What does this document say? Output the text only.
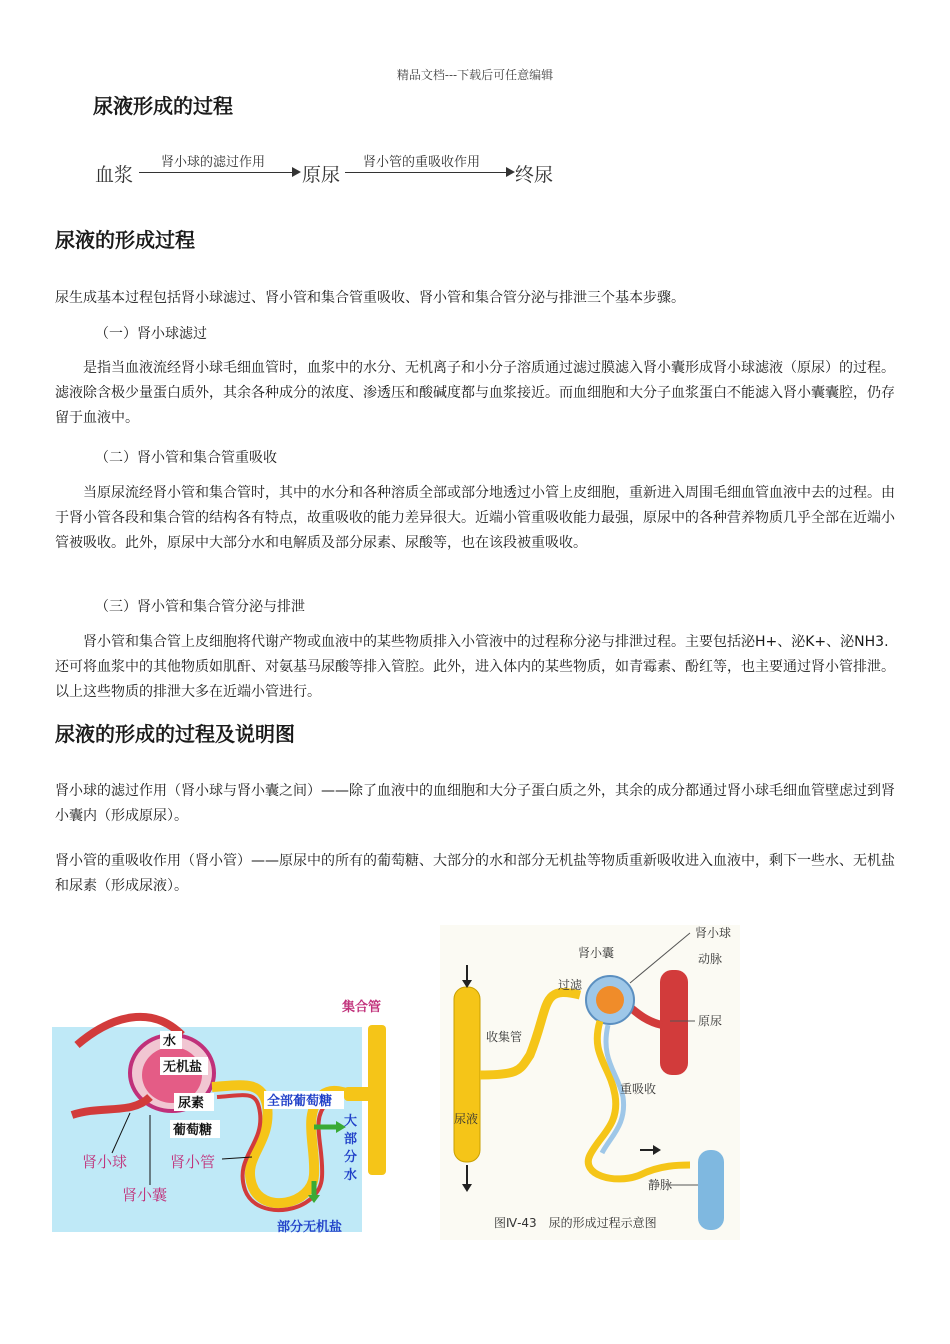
精品文档---下载后可任意编辑
尿液形成的过程
血浆
肾小球的滤过作用
原尿
肾小管的重吸收作用
终尿
尿液的形成过程
尿生成基本过程包括肾小球滤过、肾小管和集合管重吸收、肾小管和集合管分泌与排泄三个基本步骤。
（一）肾小球滤过
是指当血液流经肾小球毛细血管时，血浆中的水分、无机离子和小分子溶质通过滤过膜滤入肾小囊形成肾小球滤液（原尿）的过程。滤液除含极少量蛋白质外，其余各种成分的浓度、渗透压和酸碱度都与血浆接近。而血细胞和大分子血浆蛋白不能滤入肾小囊囊腔，仍存留于血液中。
（二）肾小管和集合管重吸收
当原尿流经肾小管和集合管时，其中的水分和各种溶质全部或部分地透过小管上皮细胞，重新进入周围毛细血管血液中去的过程。由于肾小管各段和集合管的结构各有特点，故重吸收的能力差异很大。近端小管重吸收能力最强，原尿中的各种营养物质几乎全部在近端小管被吸收。此外，原尿中大部分水和电解质及部分尿素、尿酸等，也在该段被重吸收。
（三）肾小管和集合管分泌与排泄
肾小管和集合管上皮细胞将代谢产物或血液中的某些物质排入小管液中的过程称分泌与排泄过程。主要包括泌H+、泌K+、泌NH3.还可将血浆中的其他物质如肌酐、对氨基马尿酸等排入管腔。此外，进入体内的某些物质，如青霉素、酚红等，也主要通过肾小管排泄。以上这些物质的排泄大多在近端小管进行。
尿液的形成的过程及说明图
肾小球的滤过作用（肾小球与肾小囊之间）——除了血液中的血细胞和大分子蛋白质之外，其余的成分都通过肾小球毛细血管壁虑过到肾小囊内（形成原尿）。
肾小管的重吸收作用（肾小管）——原尿中的所有的葡萄糖、大部分的水和部分无机盐等物质重新吸收进入血液中，剩下一些水、无机盐和尿素（形成尿液）。
集合管
水
无机盐
尿素
葡萄糖
全部葡萄糖
大 部 分 水
部分无机盐
肾小球
肾小囊
肾小管
肾小球
肾小囊
过滤
动脉
收集管
原尿
重吸收
尿液
静脉
图Ⅳ-43　尿的形成过程示意图
